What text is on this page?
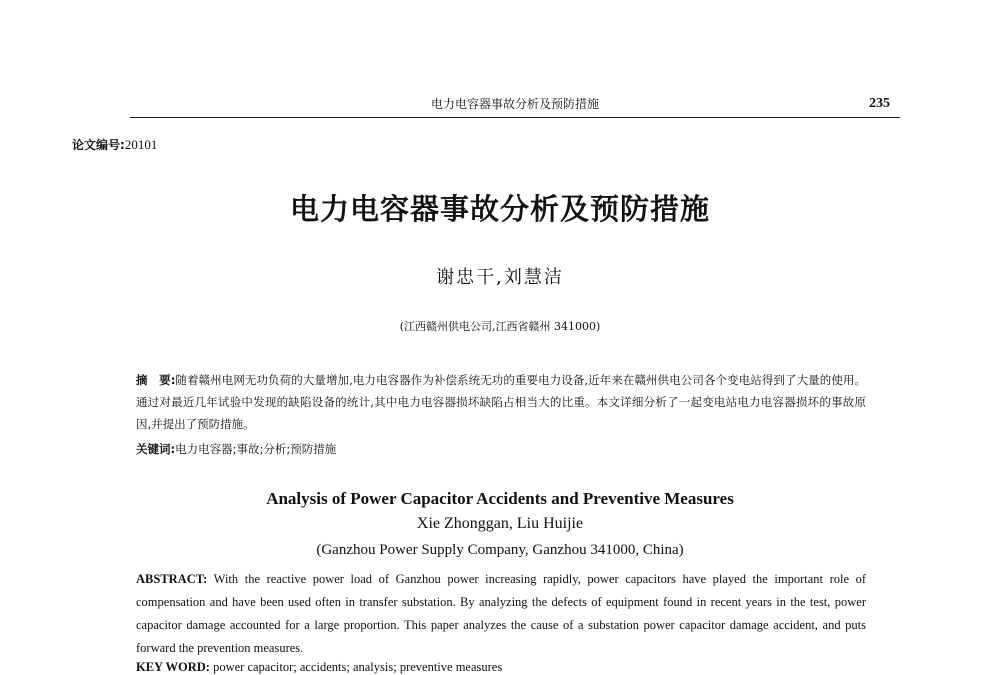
电力电容器事故分析及预防措施	235
论文编号:20101
电力电容器事故分析及预防措施
谢忠干,刘慧洁
(江西赣州供电公司,江西省赣州 341000)
摘　要:随着赣州电网无功负荷的大量增加,电力电容器作为补偿系统无功的重要电力设备,近年来在赣州供电公司各个变电站得到了大量的使用。通过对最近几年试验中发现的缺陷设备的统计,其中电力电容器损坏缺陷占相当大的比重。本文详细分析了一起变电站电力电容器损坏的事故原因,并提出了预防措施。
关键词:电力电容器;事故;分析;预防措施
Analysis of Power Capacitor Accidents and Preventive Measures
Xie Zhonggan, Liu Huijie
(Ganzhou Power Supply Company, Ganzhou 341000, China)
ABSTRACT: With the reactive power load of Ganzhou power increasing rapidly, power capacitors have played the important role of compensation and have been used often in transfer substation. By analyzing the defects of equipment found in recent years in the test, power capacitor damage accounted for a large proportion. This paper analyzes the cause of a substation power capacitor damage accident, and puts forward the prevention measures.
KEY WORD: power capacitor; accidents; analysis; preventive measures
